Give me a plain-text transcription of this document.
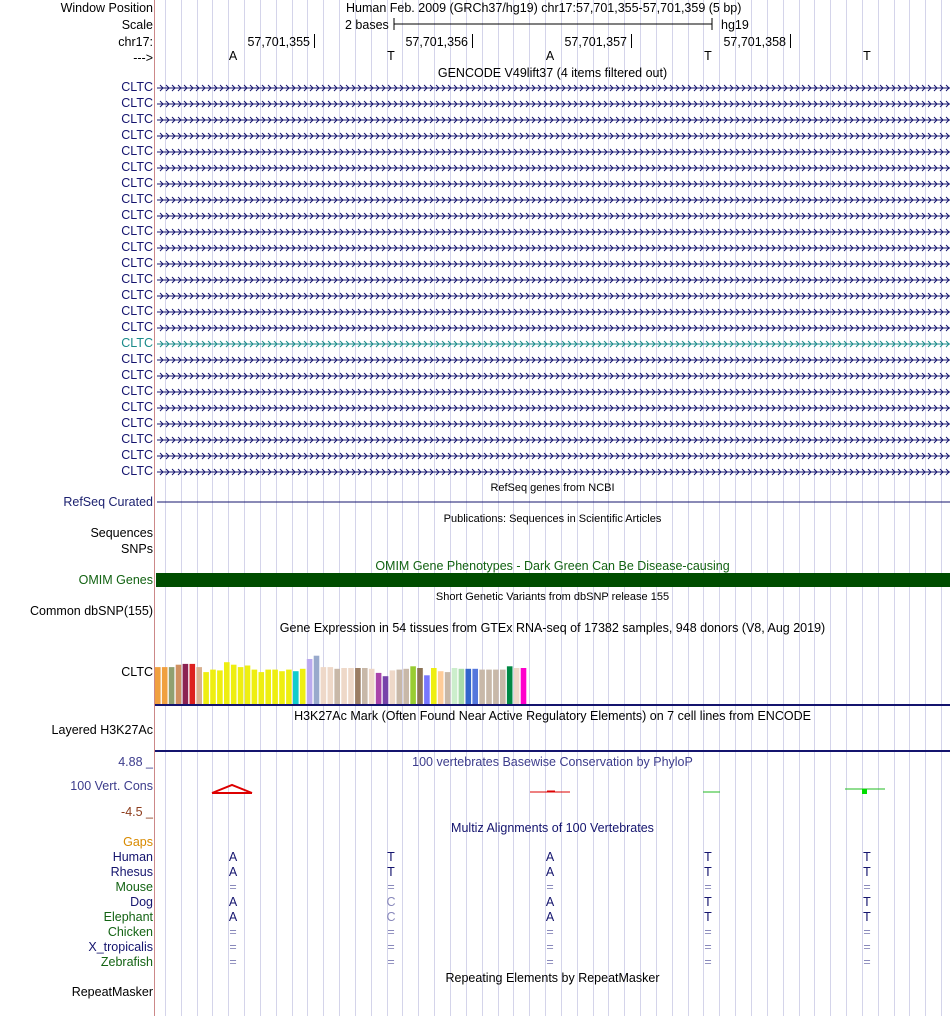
Window Position	Human Feb. 2009 (GRCh37/hg19) chr17:57,701,355-57,701,359 (5 bp)
Scale	2 bases	hg19
chr17:	57,701,355	57,701,356	57,701,357	57,701,358
--->	A	T	A	T	T
GENCODE V49lift37 (4 items filtered out)
CLTC
CLTC
CLTC
CLTC
CLTC
CLTC
CLTC
CLTC
CLTC
CLTC
CLTC
CLTC
CLTC
CLTC
CLTC
CLTC
CLTC
CLTC
CLTC
CLTC
CLTC
CLTC
CLTC
CLTC
CLTC
RefSeq Curated
RefSeq genes from NCBI
Publications: Sequences in Scientific Articles
Sequences
SNPs
OMIM Gene Phenotypes - Dark Green Can Be Disease-causing
OMIM Genes
Short Genetic Variants from dbSNP release 155
Common dbSNP(155)
Gene Expression in 54 tissues from GTEx RNA-seq of 17382 samples, 948 donors (V8, Aug 2019)
CLTC
H3K27Ac Mark (Often Found Near Active Regulatory Elements) on 7 cell lines from ENCODE
Layered H3K27Ac
100 vertebrates Basewise Conservation by PhyloP
4.88 _
100 Vert. Cons
-4.5 _
Multiz Alignments of 100 Vertebrates
Gaps
Human	A	T	A	T	T
Rhesus	A	T	A	T	T
Mouse	=	=	=	=	=
Dog	A	C	A	T	T
Elephant	A	C	A	T	T
Chicken	=	=	=	=	=
X_tropicalis	=	=	=	=	=
Zebrafish	=	=	=	=	=
Repeating Elements by RepeatMasker
RepeatMasker
